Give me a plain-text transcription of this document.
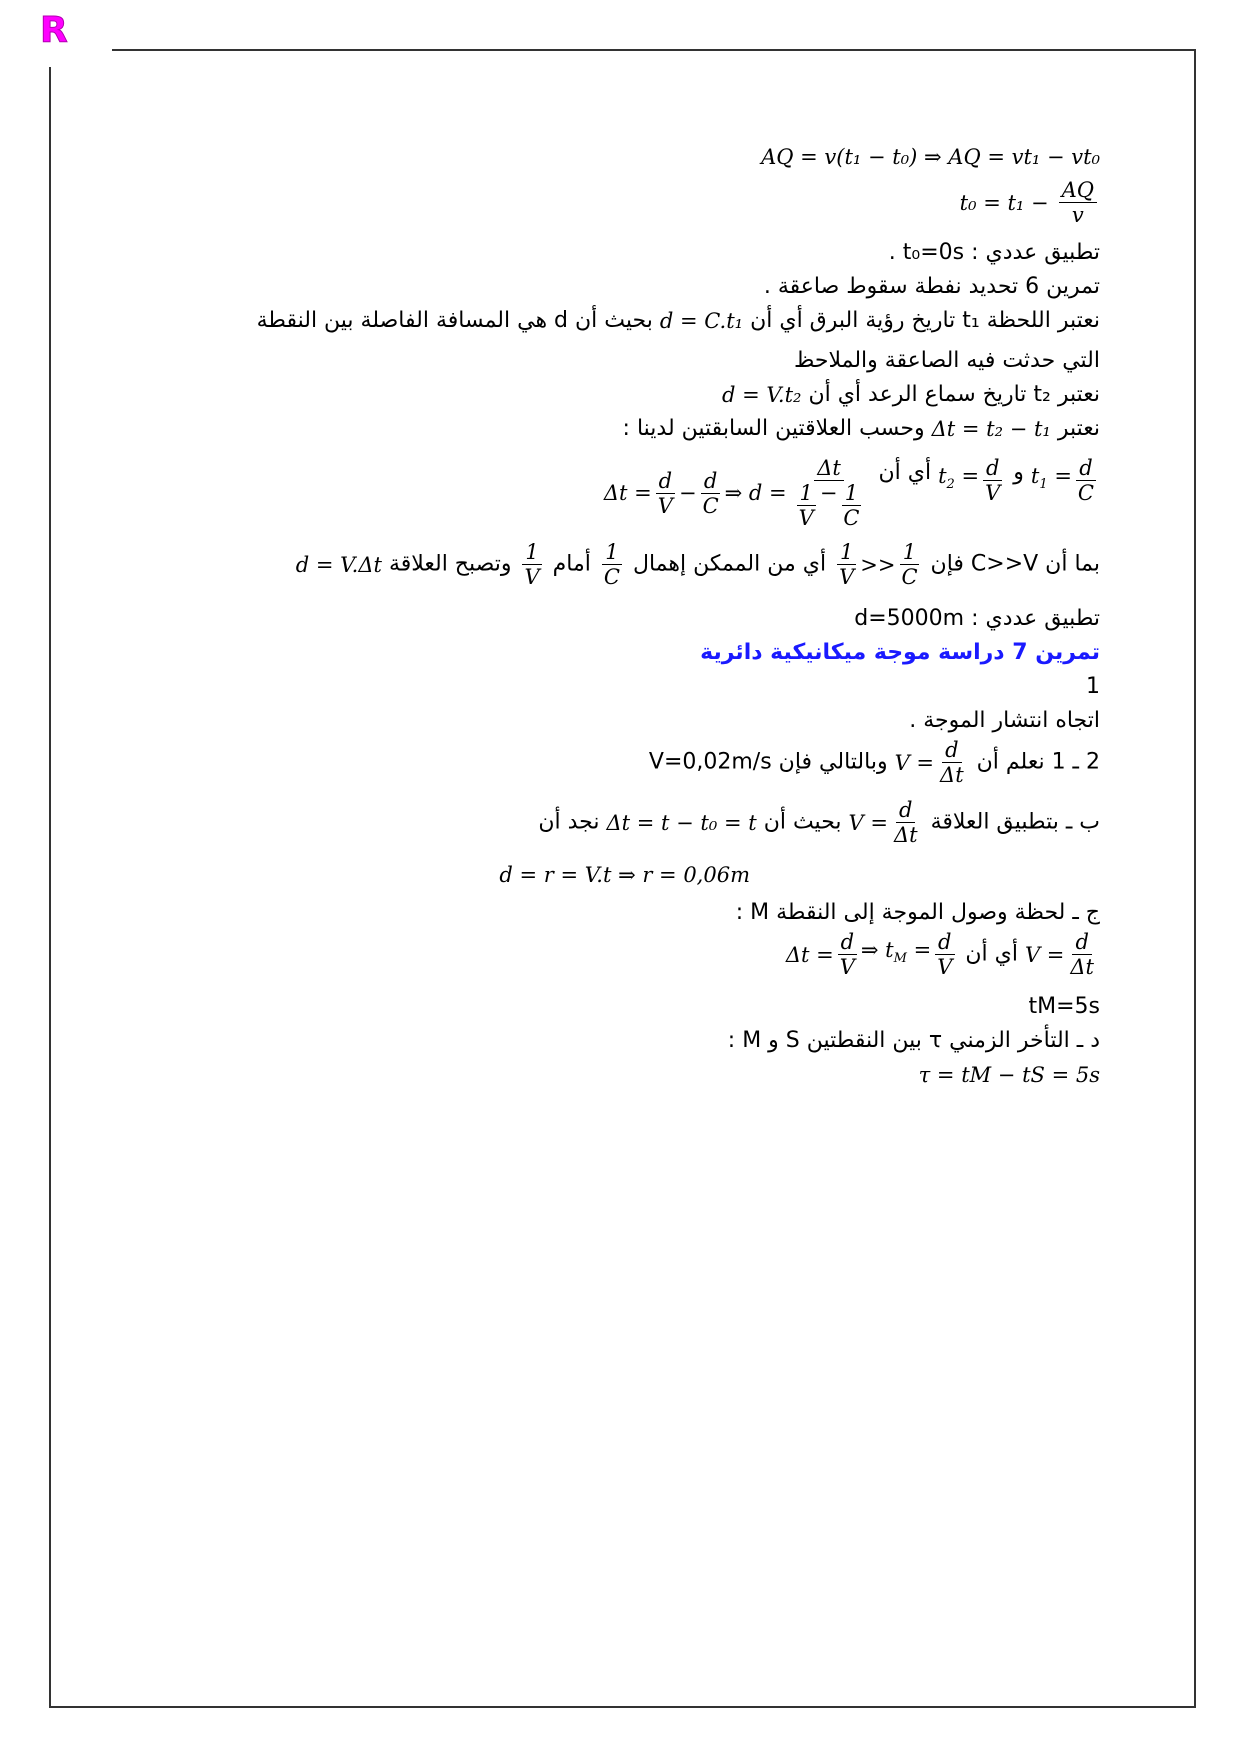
R
AQ = v(t₁ − t₀) ⇒ AQ = vt₁ − vt₀
$t_0 = t_1 - \frac{AQ}{v}$
تطبيق عددي : t₀=0s .
تمرين 6 تحديد نفطة سقوط صاعقة .
نعتبر اللحظة t₁ تاريخ رؤية البرق أي أن d = C.t₁ بحيث أن d هي المسافة الفاصلة بين النقطة
التي حدثت فيه الصاعقة والملاحظ
نعتبر t₂ تاريخ سماع الرعد أي أن d = V.t₂
نعتبر Δt = t₂ − t₁ وحسب العلاقتين السابقتين لدينا :
$t_1 = \frac{d}{C}$
و $t_2 = \frac{d}{V}$
أي أن $\Delta t = \frac{d}{V} - \frac{d}{C}$ ⇒ $d = \frac{\Delta t}{\frac{1}{V} - \frac{1}{C}}$
بما أن C>>V فإن
$\frac{1}{V} >> \frac{1}{C}$
أي من الممكن إهمال
$\frac{1}{C}$
أمام
$\frac{1}{V}$
وتصبح العلاقة d = V.Δt
تطبيق عددي : d=5000m
تمرين 7 دراسة موجة ميكانيكية دائرية
1
اتجاه انتشار الموجة .
2 ـ 1 نعلم أن $V = \frac{d}{\Delta t}$
وبالتالي فإن V=0,02m/s
ب ـ بتطبيق العلاقة $V = \frac{d}{\Delta t}$
بحيث أن Δt = t − t₀ = t نجد أن
d = r = V.t ⇒ r = 0,06m
ج ـ لحظة وصول الموجة إلى النقطة M :
$V = \frac{d}{\Delta t}$
أي أن $\Delta t = \frac{d}{V}$ ⇒ $t_M = \frac{d}{V}$
tM=5s
د ـ التأخر الزمني τ بين النقطتين S و M :
τ = tM − tS = 5s
